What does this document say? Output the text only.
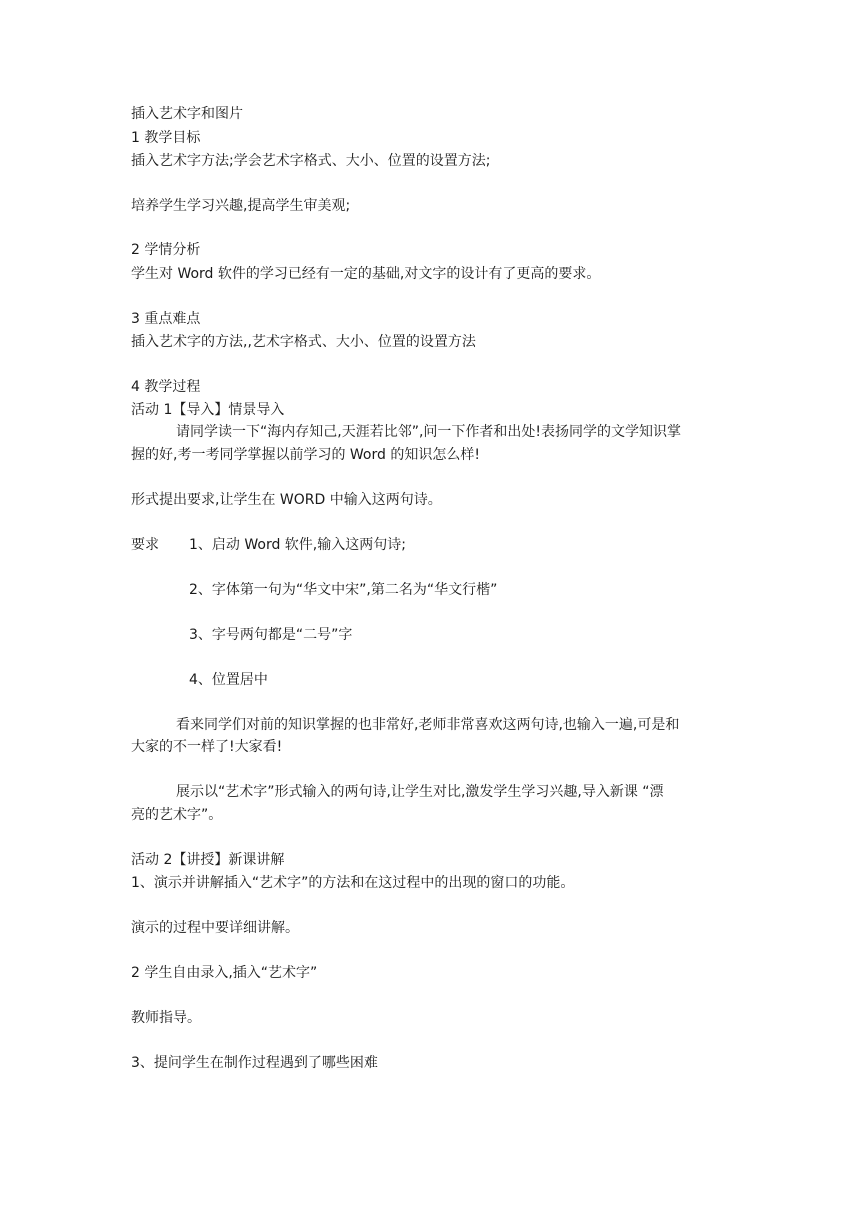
插入艺术字和图片
1 教学目标
插入艺术字方法;学会艺术字格式、大小、位置的设置方法;
培养学生学习兴趣,提高学生审美观;
2 学情分析
学生对 Word 软件的学习已经有一定的基础,对文字的设计有了更高的要求。
3 重点难点
插入艺术字的方法,,艺术字格式、大小、位置的设置方法
4 教学过程
活动 1【导入】情景导入
请同学读一下“海内存知己,天涯若比邻”,问一下作者和出处!表扬同学的文学知识掌
握的好,考一考同学掌握以前学习的 Word 的知识怎么样!
形式提出要求,让学生在 WORD 中输入这两句诗。
要求 1、启动 Word 软件,输入这两句诗;
2、字体第一句为“华文中宋”,第二名为“华文行楷”
3、字号两句都是“二号”字
4、位置居中
看来同学们对前的知识掌握的也非常好,老师非常喜欢这两句诗,也输入一遍,可是和
大家的不一样了!大家看!
展示以“艺术字”形式输入的两句诗,让学生对比,激发学生学习兴趣,导入新课 “漂
亮的艺术字”。
活动 2【讲授】新课讲解
1、演示并讲解插入“艺术字”的方法和在这过程中的出现的窗口的功能。
演示的过程中要详细讲解。
2 学生自由录入,插入“艺术字”
教师指导。
3、提问学生在制作过程遇到了哪些困难
